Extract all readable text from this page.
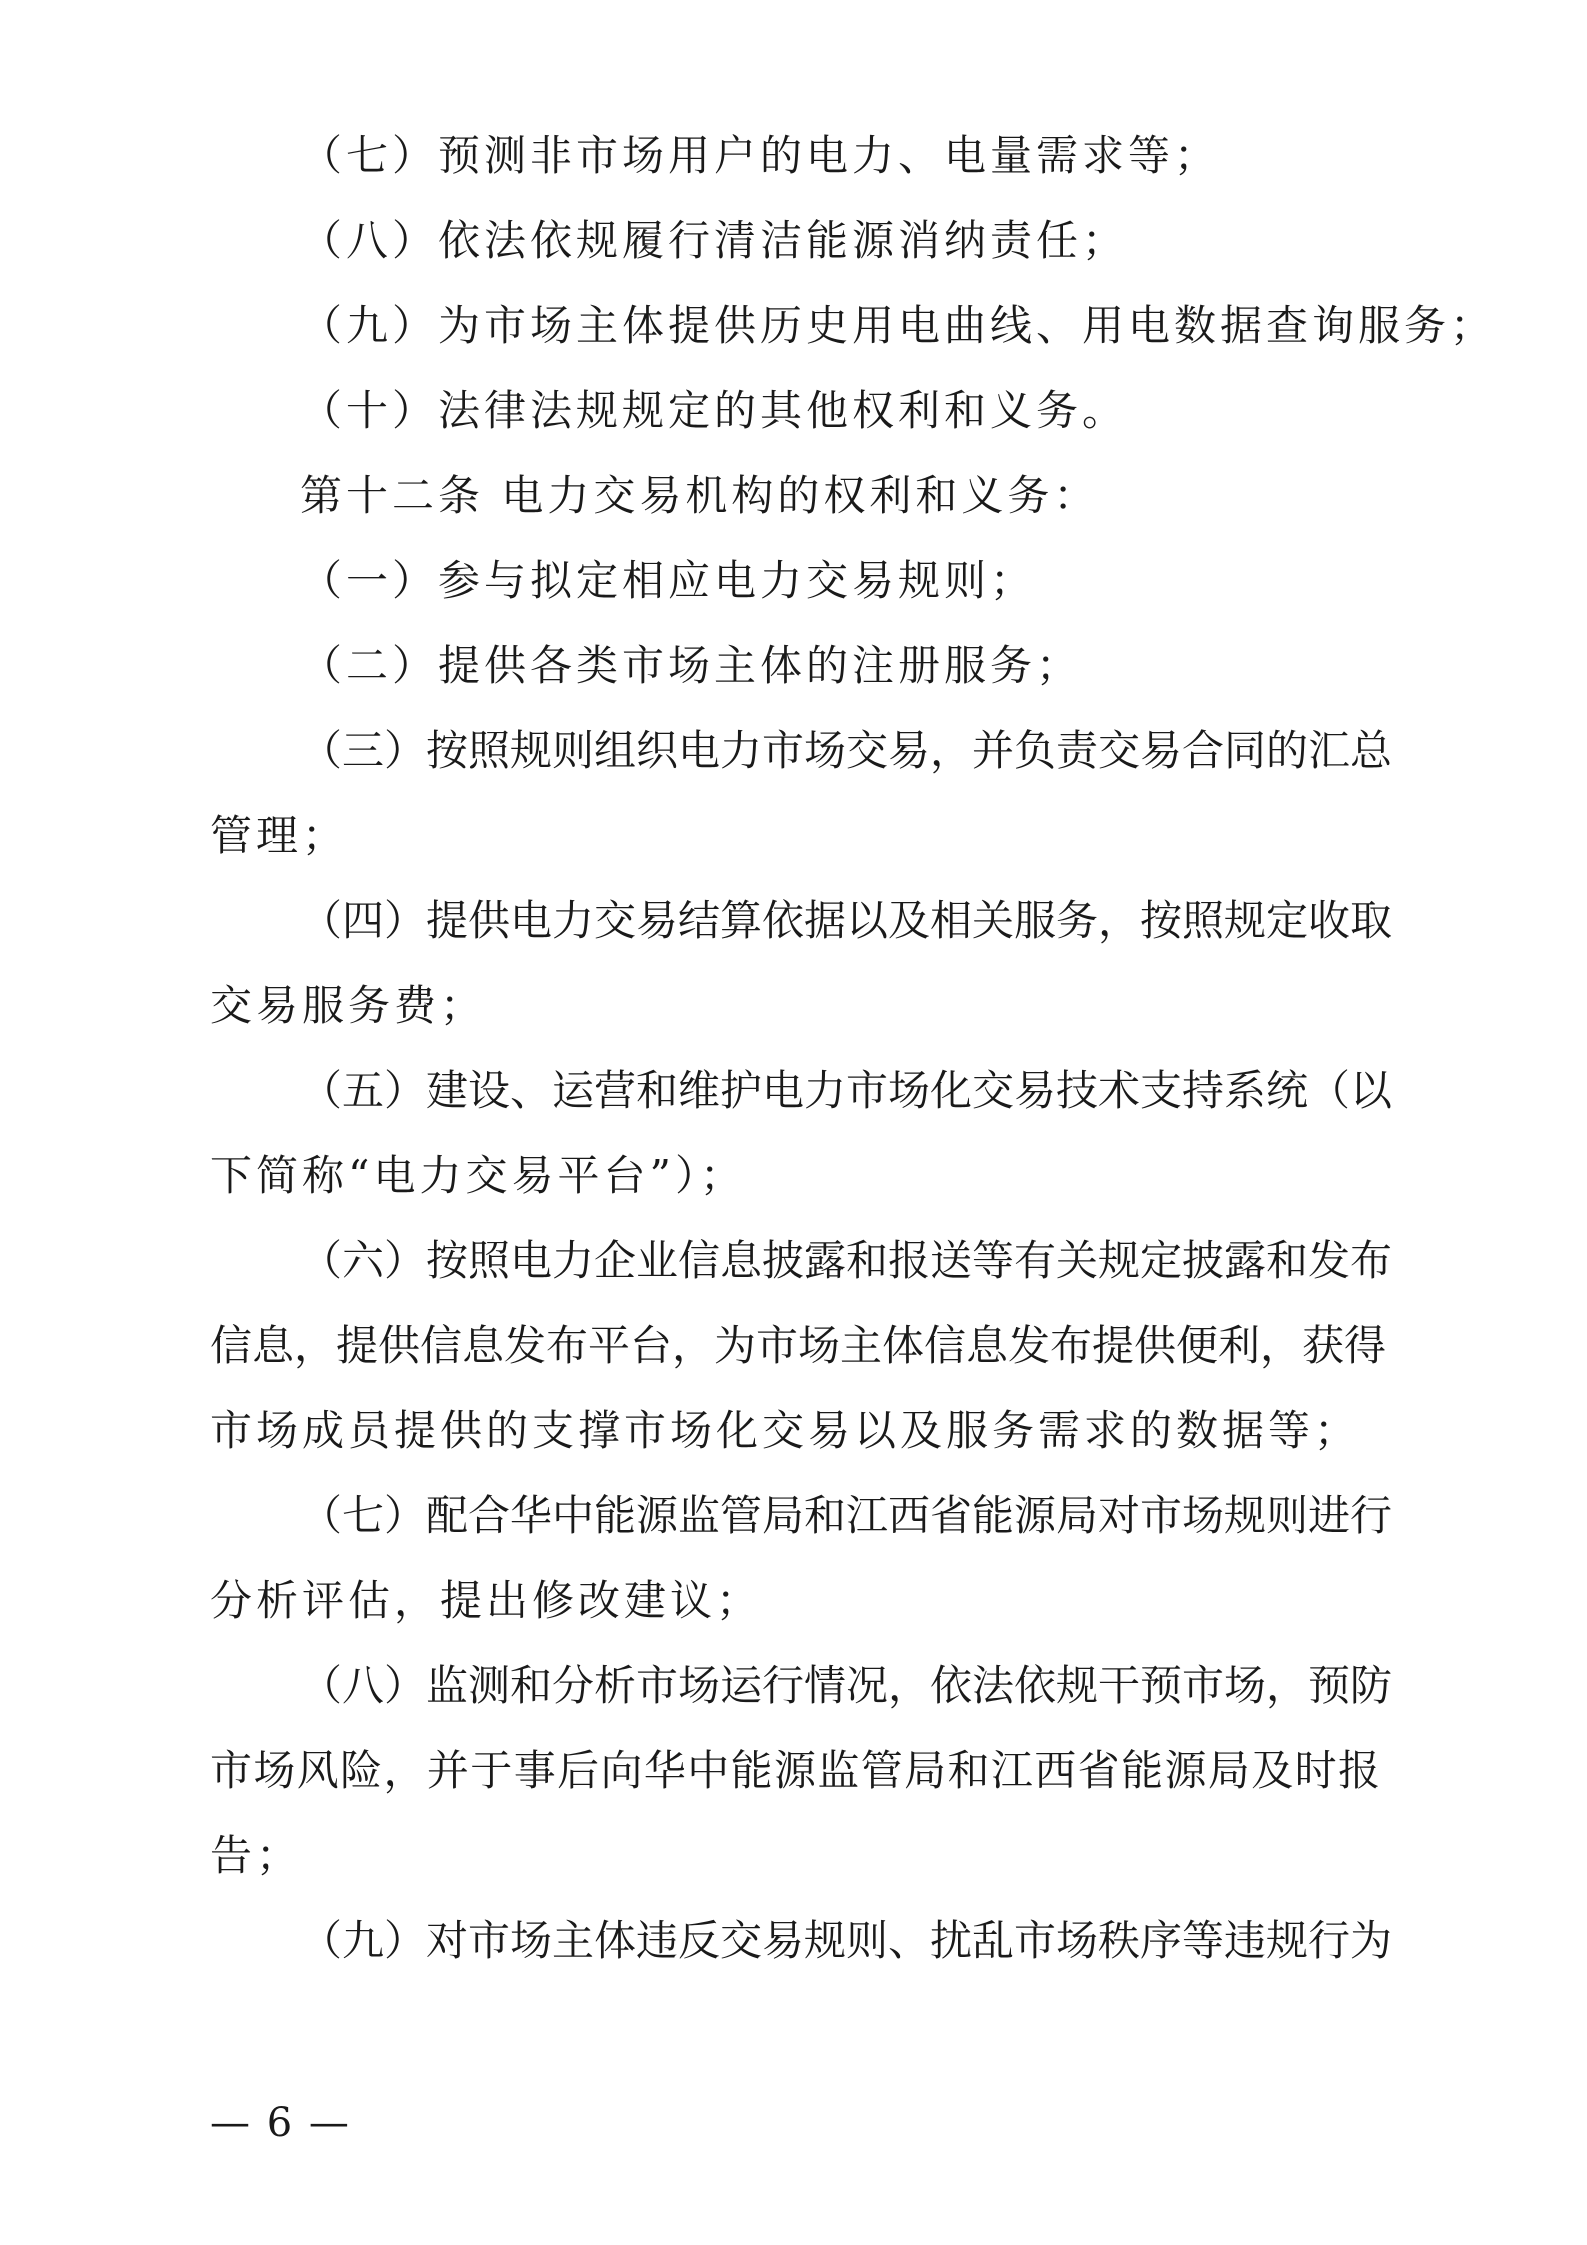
（七）预测非市场用户的电力、电量需求等；
（八）依法依规履行清洁能源消纳责任；
（九）为市场主体提供历史用电曲线、用电数据查询服务；
（十）法律法规规定的其他权利和义务。
第十二条 电力交易机构的权利和义务：
（一）参与拟定相应电力交易规则；
（二）提供各类市场主体的注册服务；
（三）按照规则组织电力市场交易，并负责交易合同的汇总
管理；
（四）提供电力交易结算依据以及相关服务，按照规定收取
交易服务费；
（五）建设、运营和维护电力市场化交易技术支持系统（以
下简称“电力交易平台”）；
（六）按照电力企业信息披露和报送等有关规定披露和发布
信息，提供信息发布平台，为市场主体信息发布提供便利，获得
市场成员提供的支撑市场化交易以及服务需求的数据等；
（七）配合华中能源监管局和江西省能源局对市场规则进行
分析评估，提出修改建议；
（八）监测和分析市场运行情况，依法依规干预市场，预防
市场风险，并于事后向华中能源监管局和江西省能源局及时报
告；
（九）对市场主体违反交易规则、扰乱市场秩序等违规行为
— 6 —
